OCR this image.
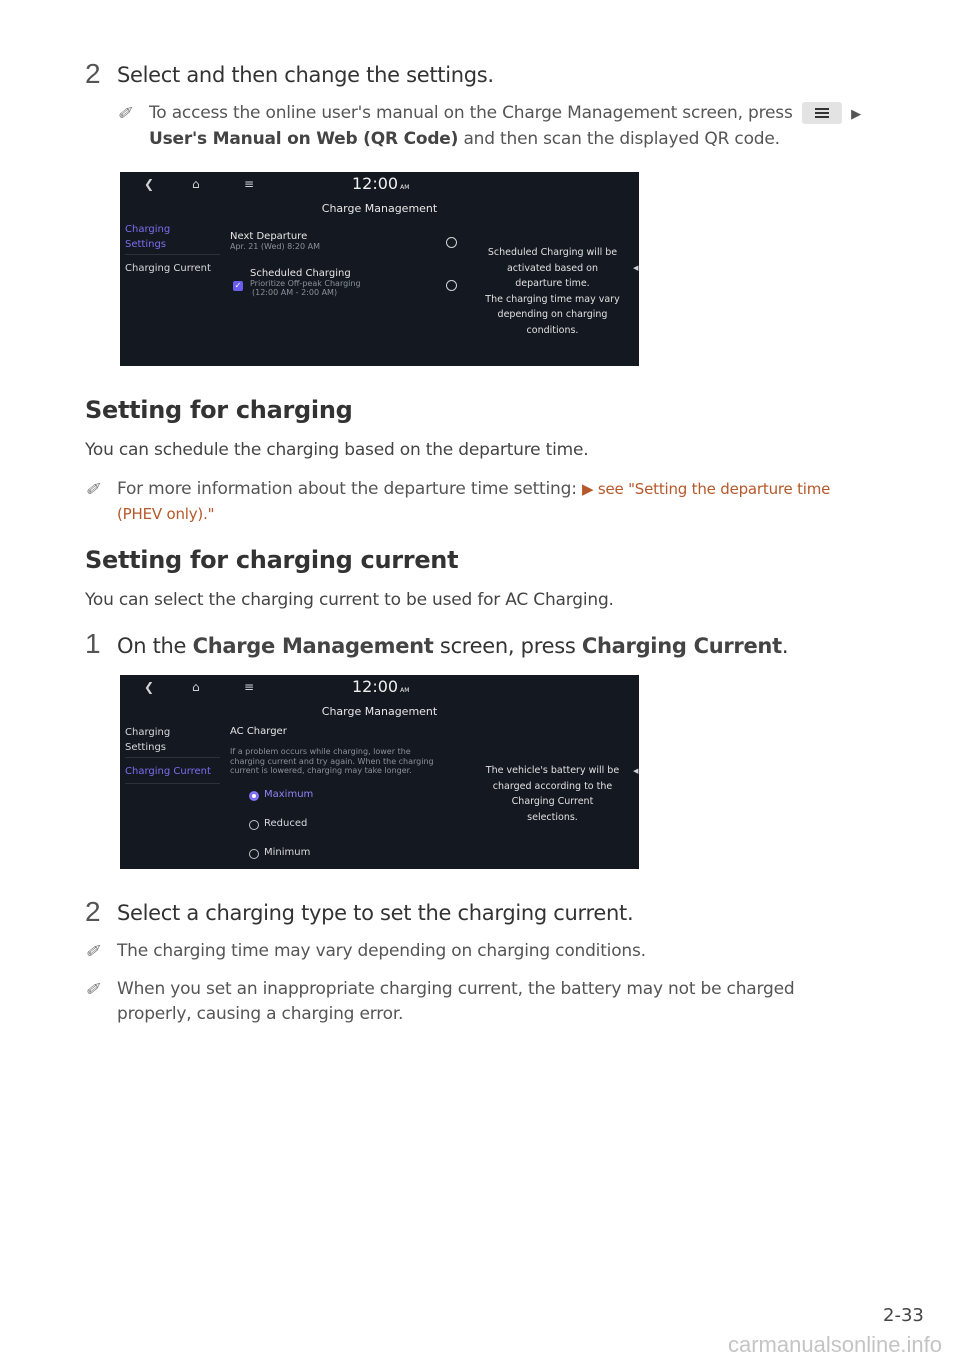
2 Select and then change the settings.
✐ To access the online user's manual on the Charge Management screen, press	▶
User's Manual on Web (QR Code) and then scan the displayed QR code.
❮	⌂	≡	12:00 AM
Charge Management
Charging
Settings
Charging Current
Next Departure
Apr. 21 (Wed) 8:20 AM
✓
Scheduled Charging
Prioritize Off-peak Charging
(12:00 AM - 2:00 AM)
Scheduled Charging will be
activated based on
departure time.
The charging time may vary
depending on charging
conditions.
◀
Setting for charging
You can schedule the charging based on the departure time.
✐ For more information about the departure time setting: ▶ see "Setting the departure time
(PHEV only)."
Setting for charging current
You can select the charging current to be used for AC Charging.
1 On the Charge Management screen, press Charging Current.
❮	⌂	≡	12:00 AM
Charge Management
Charging
Settings
Charging Current
AC Charger
If a problem occurs while charging, lower the
charging current and try again. When the charging
current is lowered, charging may take longer.
Maximum
Reduced
Minimum
The vehicle's battery will be
charged according to the
Charging Current
selections.
◀
2 Select a charging type to set the charging current.
✐ The charging time may vary depending on charging conditions.
✐ When you set an inappropriate charging current, the battery may not be charged
properly, causing a charging error.
2-33
carmanualsonline.info
